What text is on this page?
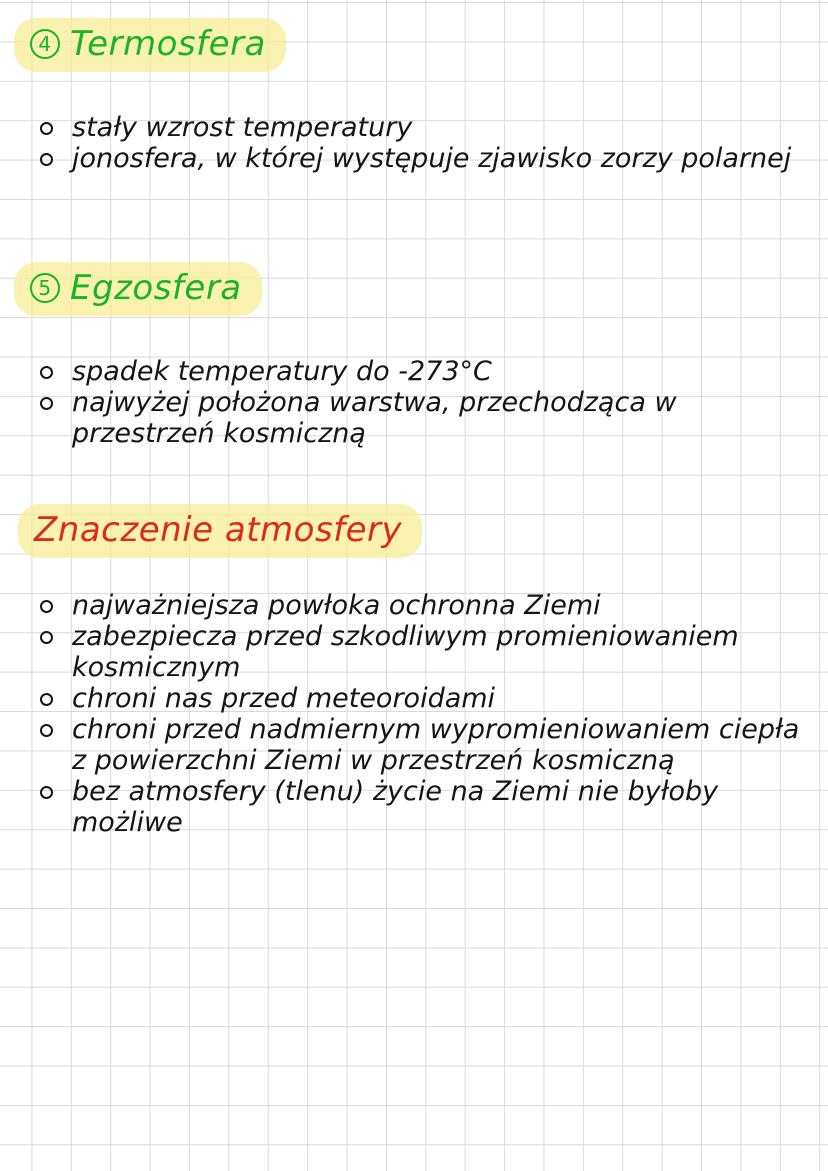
4 Termosfera
stały wzrost temperatury
jonosfera, w której występuje zjawisko zorzy polarnej
5 Egzosfera
spadek temperatury do -273°C
najwyżej położona warstwa, przechodząca w przestrzeń kosmiczną
Znaczenie atmosfery
najważniejsza powłoka ochronna Ziemi
zabezpiecza przed szkodliwym promieniowaniem kosmicznym
chroni nas przed meteoroidami
chroni przed nadmiernym wypromieniowaniem ciepła z powierzchni Ziemi w przestrzeń kosmiczną
bez atmosfery (tlenu) życie na Ziemi nie byłoby możliwe
